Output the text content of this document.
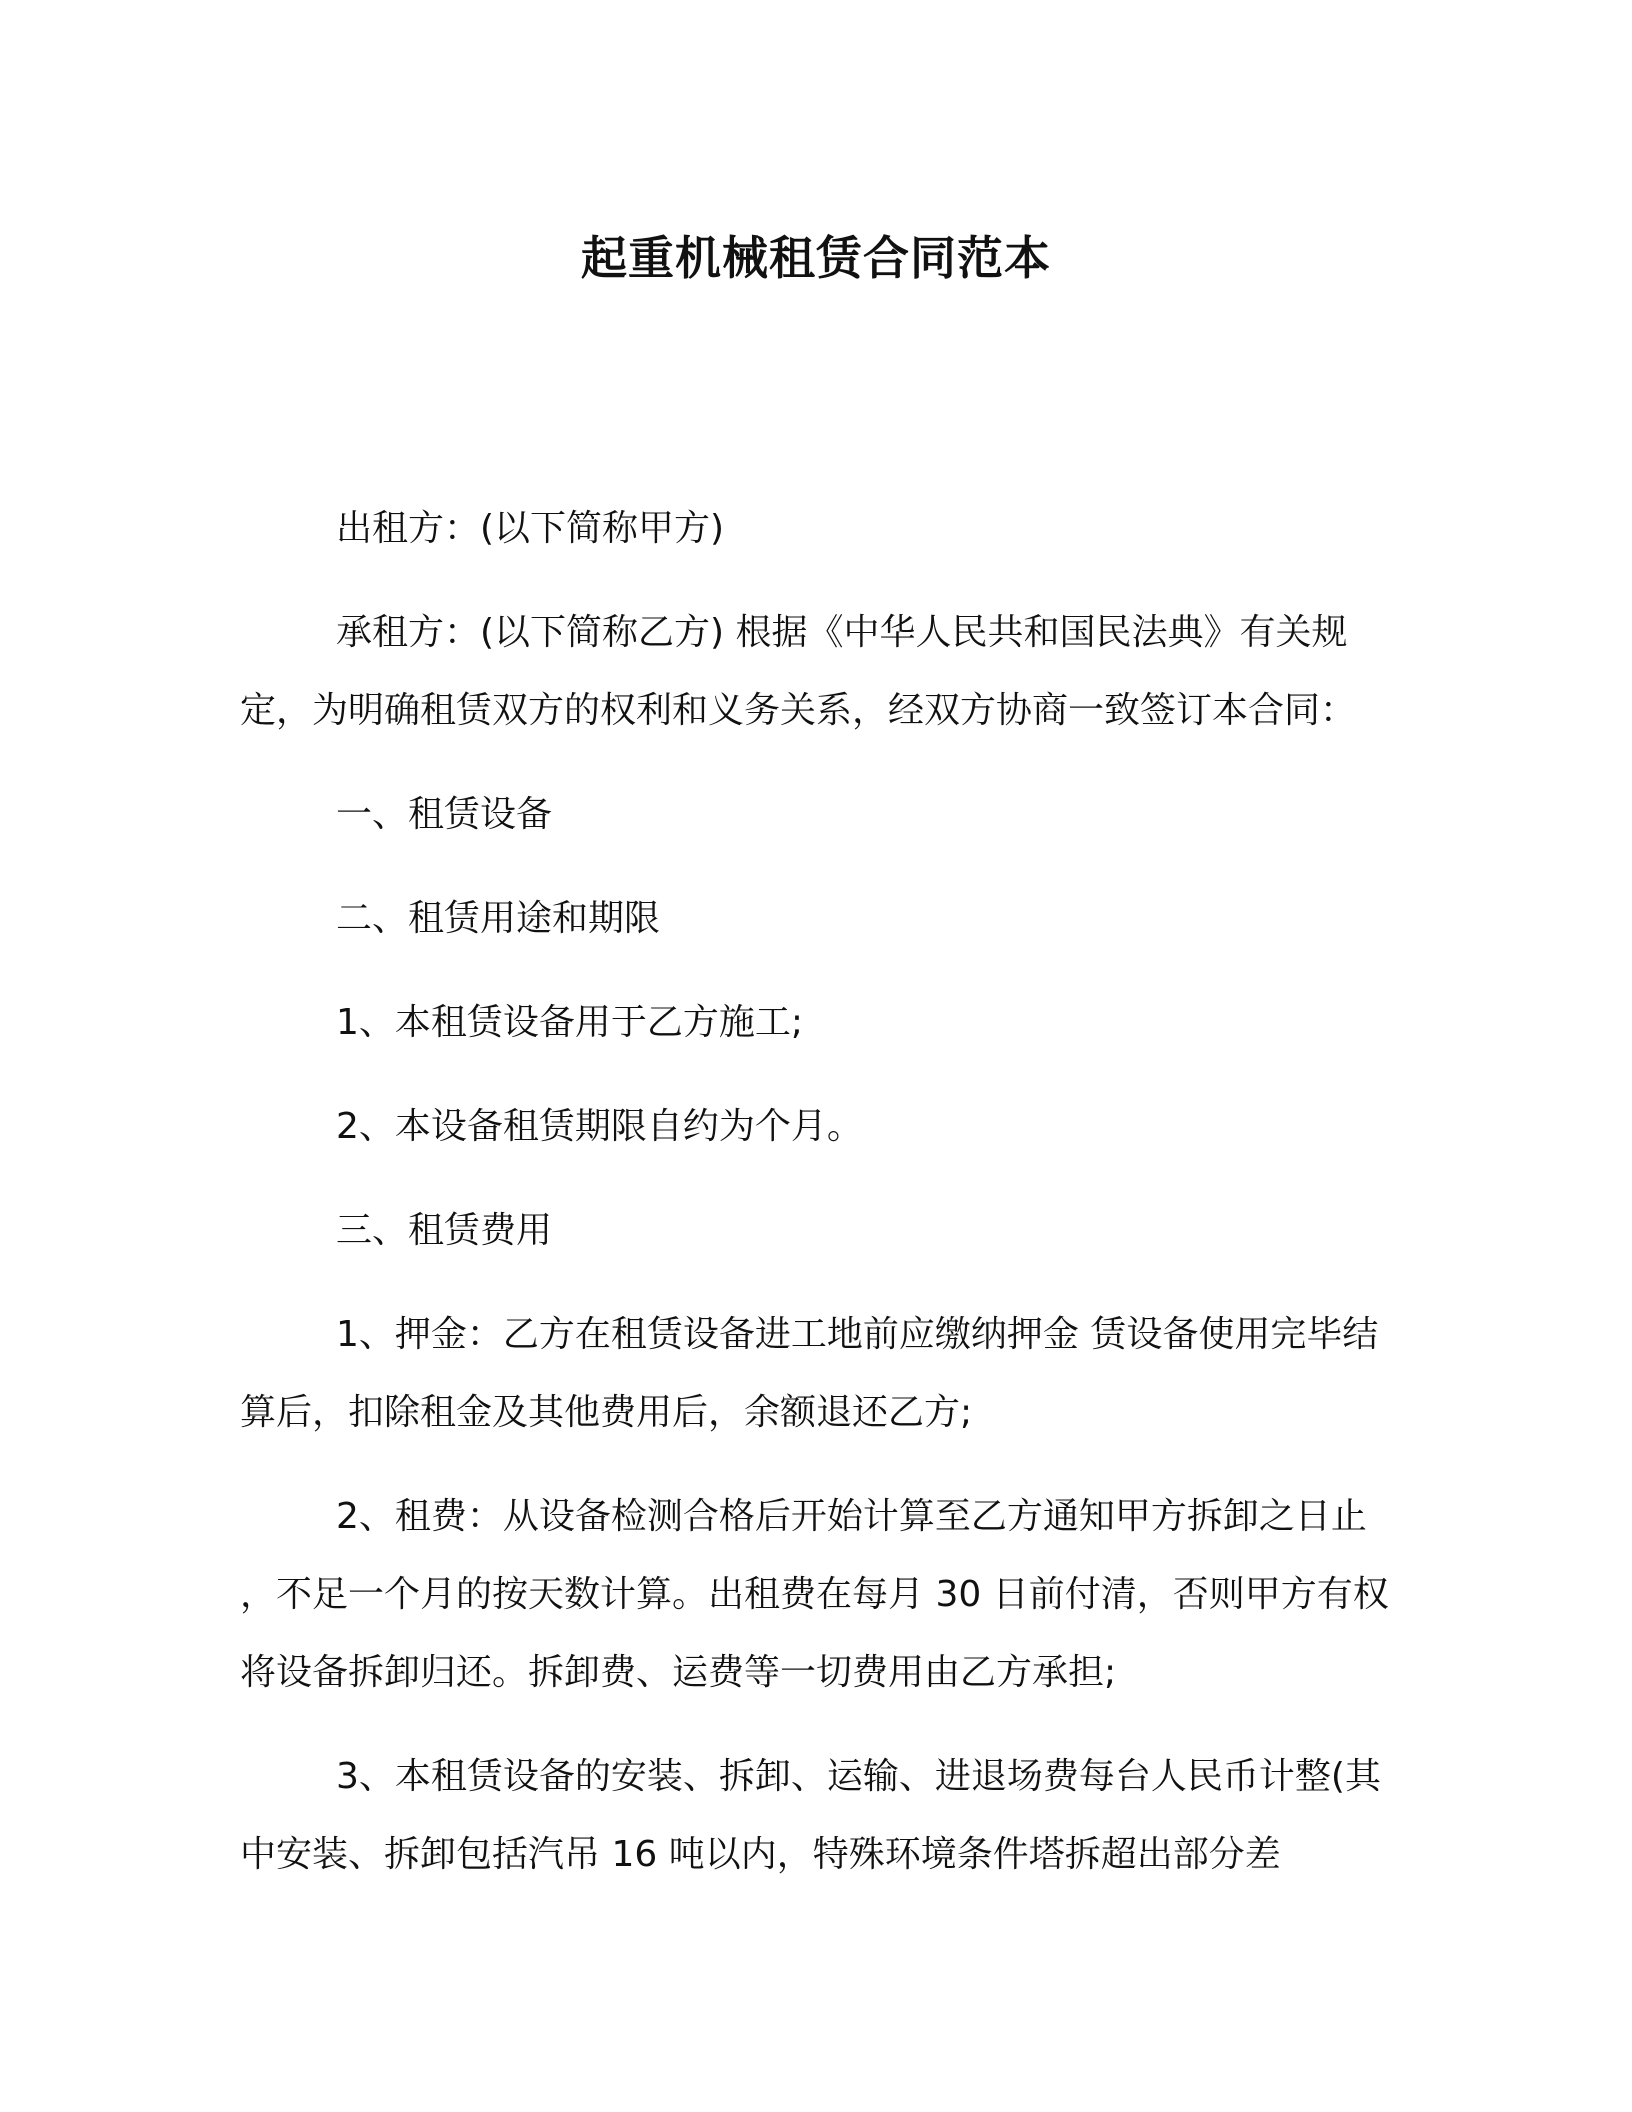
起重机械租赁合同范本

出租方：(以下简称甲方)

承租方：(以下简称乙方) 根据《中华人民共和国民法典》有关规定，为明确租赁双方的权利和义务关系，经双方协商一致签订本合同：

一、租赁设备

二、租赁用途和期限

1、本租赁设备用于乙方施工;

2、本设备租赁期限自约为个月。

三、租赁费用

1、押金：乙方在租赁设备进工地前应缴纳押金 赁设备使用完毕结算后，扣除租金及其他费用后，余额退还乙方;

2、租费：从设备检测合格后开始计算至乙方通知甲方拆卸之日止 ，不足一个月的按天数计算。出租费在每月 30 日前付清，否则甲方有权将设备拆卸归还。拆卸费、运费等一切费用由乙方承担;

3、本租赁设备的安装、拆卸、运输、进退场费每台人民币计整(其中安装、拆卸包括汽吊 16 吨以内，特殊环境条件塔拆超出部分差
